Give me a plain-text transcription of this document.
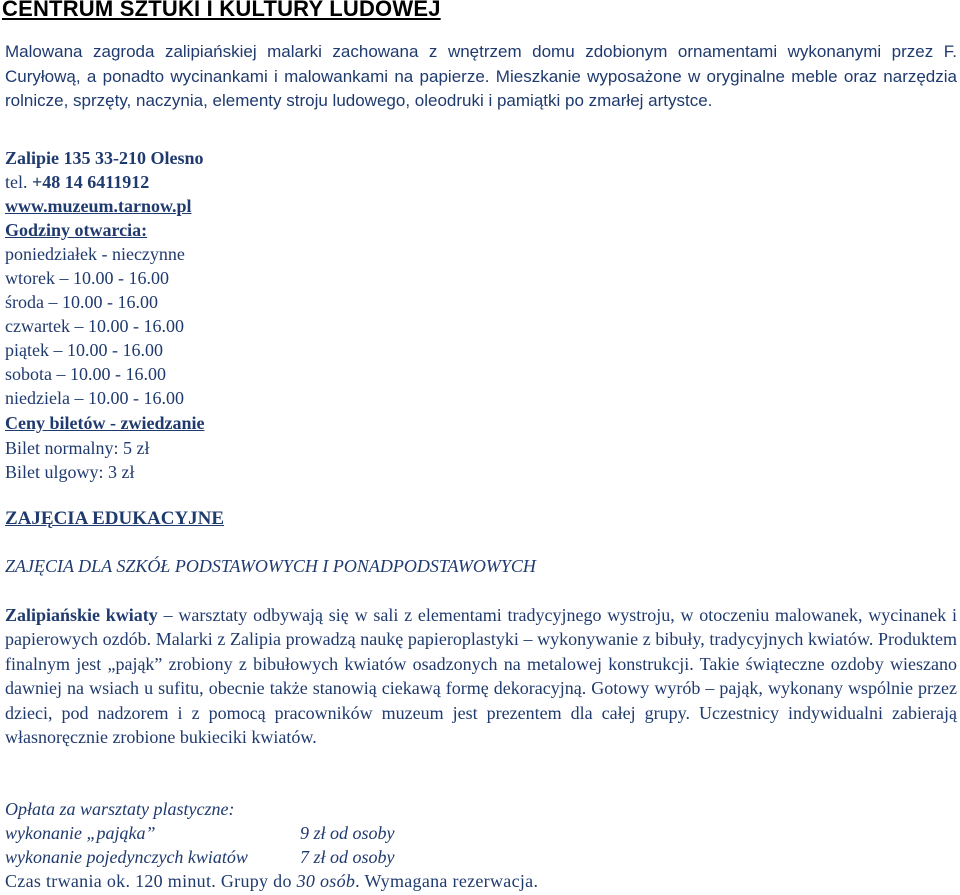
CENTRUM SZTUKI I KULTURY LUDOWEJ
Malowana zagroda zalipiańskiej malarki zachowana z wnętrzem domu zdobionym ornamentami wykonanymi przez F. Curyłową, a ponadto wycinankami i malowankami na papierze. Mieszkanie wyposażone w oryginalne meble oraz narzędzia rolnicze, sprzęty, naczynia, elementy stroju ludowego, oleodruki i pamiątki po zmarłej artystce.
Zalipie 135 33-210 Olesno
tel. +48 14 6411912
www.muzeum.tarnow.pl
Godziny otwarcia:
poniedziałek - nieczynne
wtorek – 10.00 - 16.00
środa – 10.00 - 16.00
czwartek – 10.00 - 16.00
piątek – 10.00 - 16.00
sobota – 10.00 - 16.00
niedziela – 10.00 - 16.00
Ceny biletów - zwiedzanie
Bilet normalny: 5 zł
Bilet ulgowy: 3 zł
ZAJĘCIA EDUKACYJNE
ZAJĘCIA DLA SZKÓŁ PODSTAWOWYCH I PONADPODSTAWOWYCH
Zalipiańskie kwiaty – warsztaty odbywają się w sali z elementami tradycyjnego wystroju, w otoczeniu malowanek, wycinanek i papierowych ozdób. Malarki z Zalipia prowadzą naukę papieroplastyki – wykonywanie z bibuły, tradycyjnych kwiatów. Produktem finalnym jest „pająk” zrobiony z bibułowych kwiatów osadzonych na metalowej konstrukcji. Takie świąteczne ozdoby wieszano dawniej na wsiach u sufitu, obecnie także stanowią ciekawą formę dekoracyjną. Gotowy wyrób – pająk, wykonany wspólnie przez dzieci, pod nadzorem i z pomocą pracowników muzeum jest prezentem dla całej grupy. Uczestnicy indywidualni zabierają własnoręcznie zrobione bukieciki kwiatów.
Opłata za warsztaty plastyczne:
wykonanie „pająka”	9 zł od osoby
wykonanie pojedynczych kwiatów	7 zł od osoby
Czas trwania ok. 120 minut. Grupy do 30 osób. Wymagana rezerwacja.
